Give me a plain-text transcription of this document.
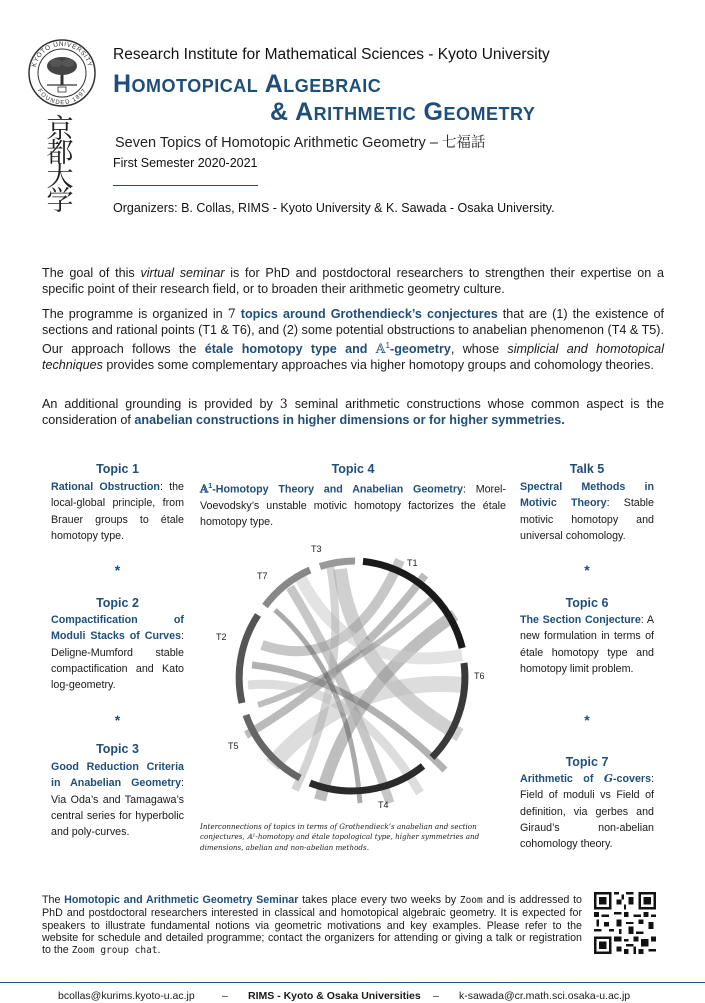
KYOTO UNIVERSITY
FOUNDED 1897
京
都
大
学
Research Institute for Mathematical Sciences - Kyoto University
Homotopical Algebraic
& Arithmetic Geometry
Seven Topics of Homotopic Arithmetic Geometry – 七福話
First Semester 2020-2021
Organizers: B. Collas, RIMS - Kyoto University & K. Sawada - Osaka University.
The goal of this virtual seminar is for PhD and postdoctoral researchers to strengthen their expertise on a specific point of their research field, or to broaden their arithmetic geometry culture.
The programme is organized in 7 topics around Grothendieck’s conjectures that are (1) the existence of sections and rational points (T1 & T6), and (2) some potential obstructions to anabelian phenomenon (T4 & T5). Our approach follows the étale homotopy type and 𝔸$^1$-geometry, whose simplicial and homotopical techniques provides some complementary approaches via higher homotopy groups and cohomology theories.
An additional grounding is provided by 3 seminal arithmetic constructions whose common aspect is the consideration of anabelian constructions in higher dimensions or for higher symmetries.
Topic 1
Rational Obstruction: the local-global principle, from Brauer groups to étale homotopy type.
*
Topic 2
Compactification of Moduli Stacks of Curves: Deligne-Mumford stable compactification and Kato log-geometry.
*
Topic 3
Good Reduction Criteria in Anabelian Geometry: Via Oda’s and Tamagawa’s central series for hyperbolic and poly-curves.
Topic 4
𝔸$^1$-Homotopy Theory and Anabelian Geometry: Morel-Voevodsky’s unstable motivic homotopy factorizes the étale homotopy type.
T1
T6
T4
T5
T2
T7
T3
Interconnections of topics in terms of Grothendieck’s anabelian and section conjectures, 𝔸¹-homotopy and étale topological type, higher symmetries and dimensions, abelian and non-abelian methods.
Talk 5
Spectral Methods in Motivic Theory: Stable motivic homotopy and universal cohomology.
*
Topic 6
The Section Conjecture: A new formulation in terms of étale homotopy type and homotopy limit problem.
*
Topic 7
Arithmetic of G-covers: Field of moduli vs Field of definition, via gerbes and Giraud’s non-abelian cohomology theory.
The Homotopic and Arithmetic Geometry Seminar takes place every two weeks by Zoom and is addressed to PhD and postdoctoral researchers interested in classical and homotopical algebraic geometry. It is expected for speakers to illustrate fundamental notions via geometric motivations and key examples. Please refer to the website for schedule and detailed programme; contact the organizers for attending or giving a talk or registration to the Zoom group chat.
bcollas@kurims.kyoto-u.ac.jp	– RIMS - Kyoto & Osaka Universities – k-sawada@cr.math.sci.osaka-u.ac.jp
